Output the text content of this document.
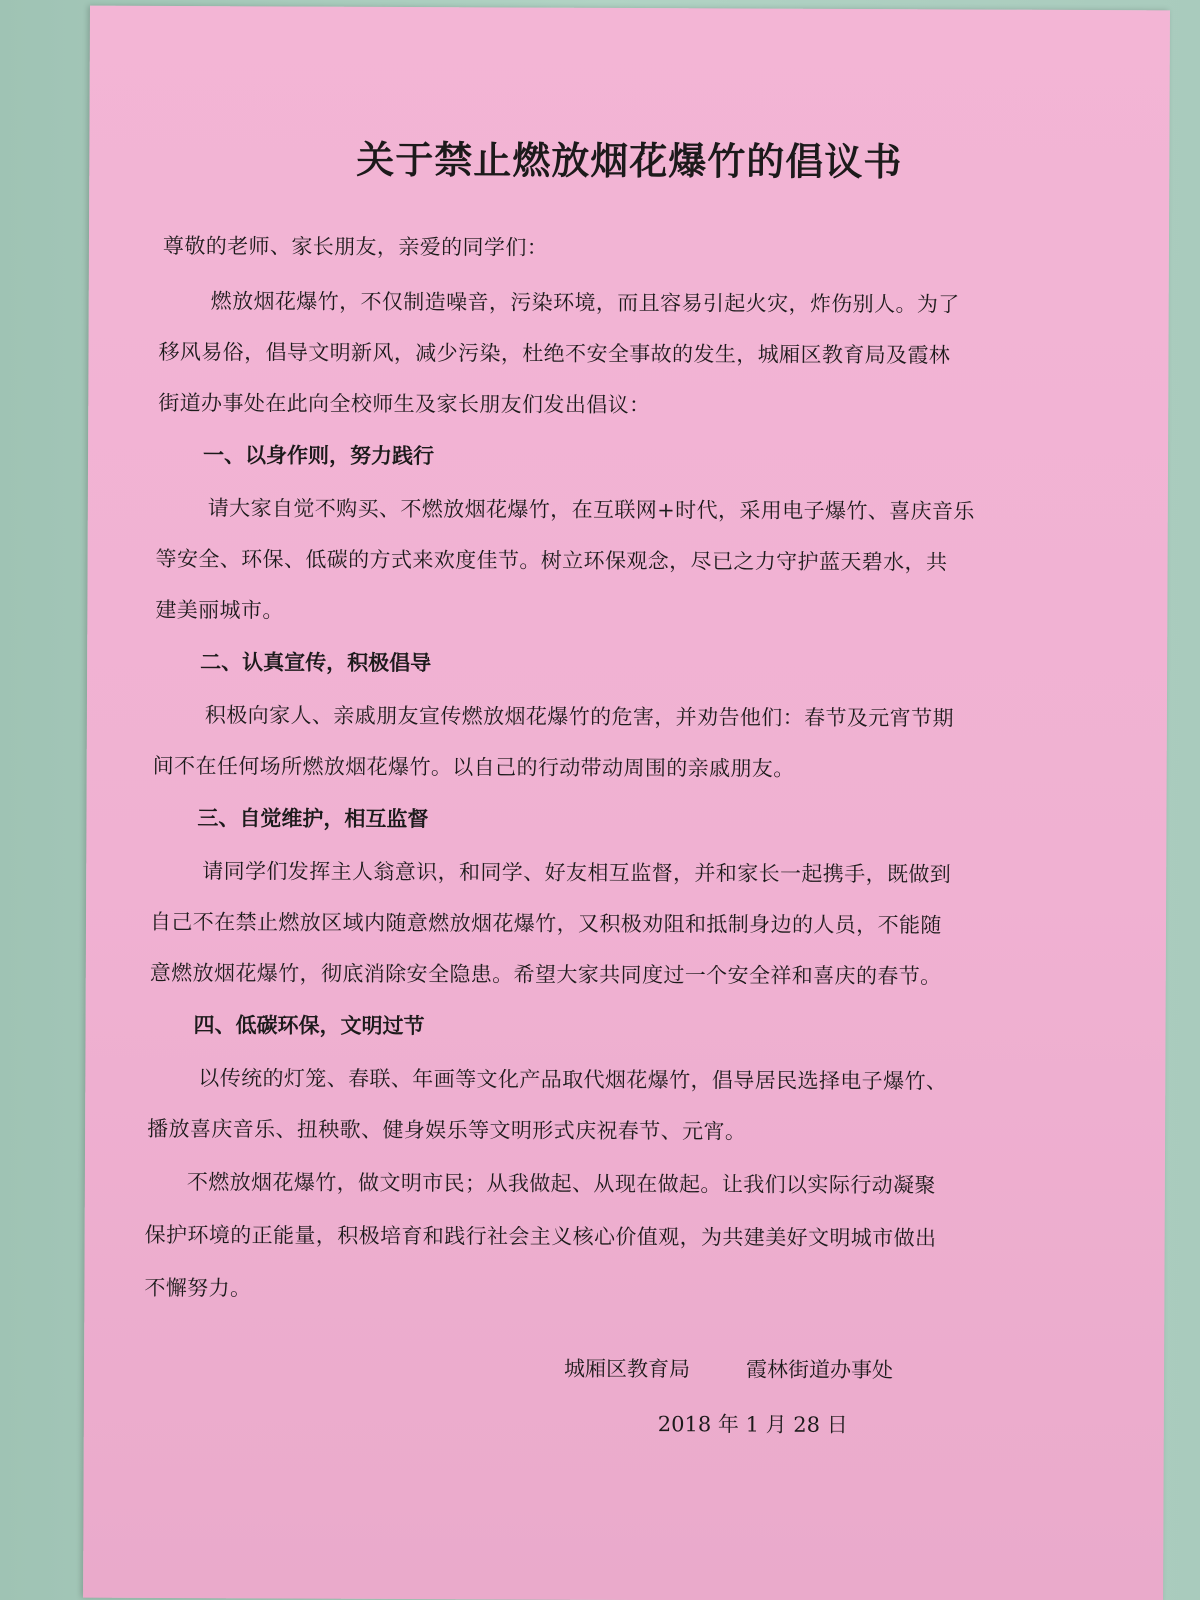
关于禁止燃放烟花爆竹的倡议书
尊敬的老师、家长朋友，亲爱的同学们：
燃放烟花爆竹，不仅制造噪音，污染环境，而且容易引起火灾，炸伤别人。为了
移风易俗，倡导文明新风，减少污染，杜绝不安全事故的发生，城厢区教育局及霞林
街道办事处在此向全校师生及家长朋友们发出倡议：
一、以身作则，努力践行
请大家自觉不购买、不燃放烟花爆竹，在互联网+时代，采用电子爆竹、喜庆音乐
等安全、环保、低碳的方式来欢度佳节。树立环保观念，尽已之力守护蓝天碧水，共
建美丽城市。
二、认真宣传，积极倡导
积极向家人、亲戚朋友宣传燃放烟花爆竹的危害，并劝告他们：春节及元宵节期
间不在任何场所燃放烟花爆竹。以自己的行动带动周围的亲戚朋友。
三、自觉维护，相互监督
请同学们发挥主人翁意识，和同学、好友相互监督，并和家长一起携手，既做到
自己不在禁止燃放区域内随意燃放烟花爆竹，又积极劝阻和抵制身边的人员，不能随
意燃放烟花爆竹，彻底消除安全隐患。希望大家共同度过一个安全祥和喜庆的春节。
四、低碳环保，文明过节
以传统的灯笼、春联、年画等文化产品取代烟花爆竹，倡导居民选择电子爆竹、
播放喜庆音乐、扭秧歌、健身娱乐等文明形式庆祝春节、元宵。
不燃放烟花爆竹，做文明市民；从我做起、从现在做起。让我们以实际行动凝聚
保护环境的正能量，积极培育和践行社会主义核心价值观，为共建美好文明城市做出
不懈努力。
城厢区教育局	霞林街道办事处
2018 年 1 月 28 日
